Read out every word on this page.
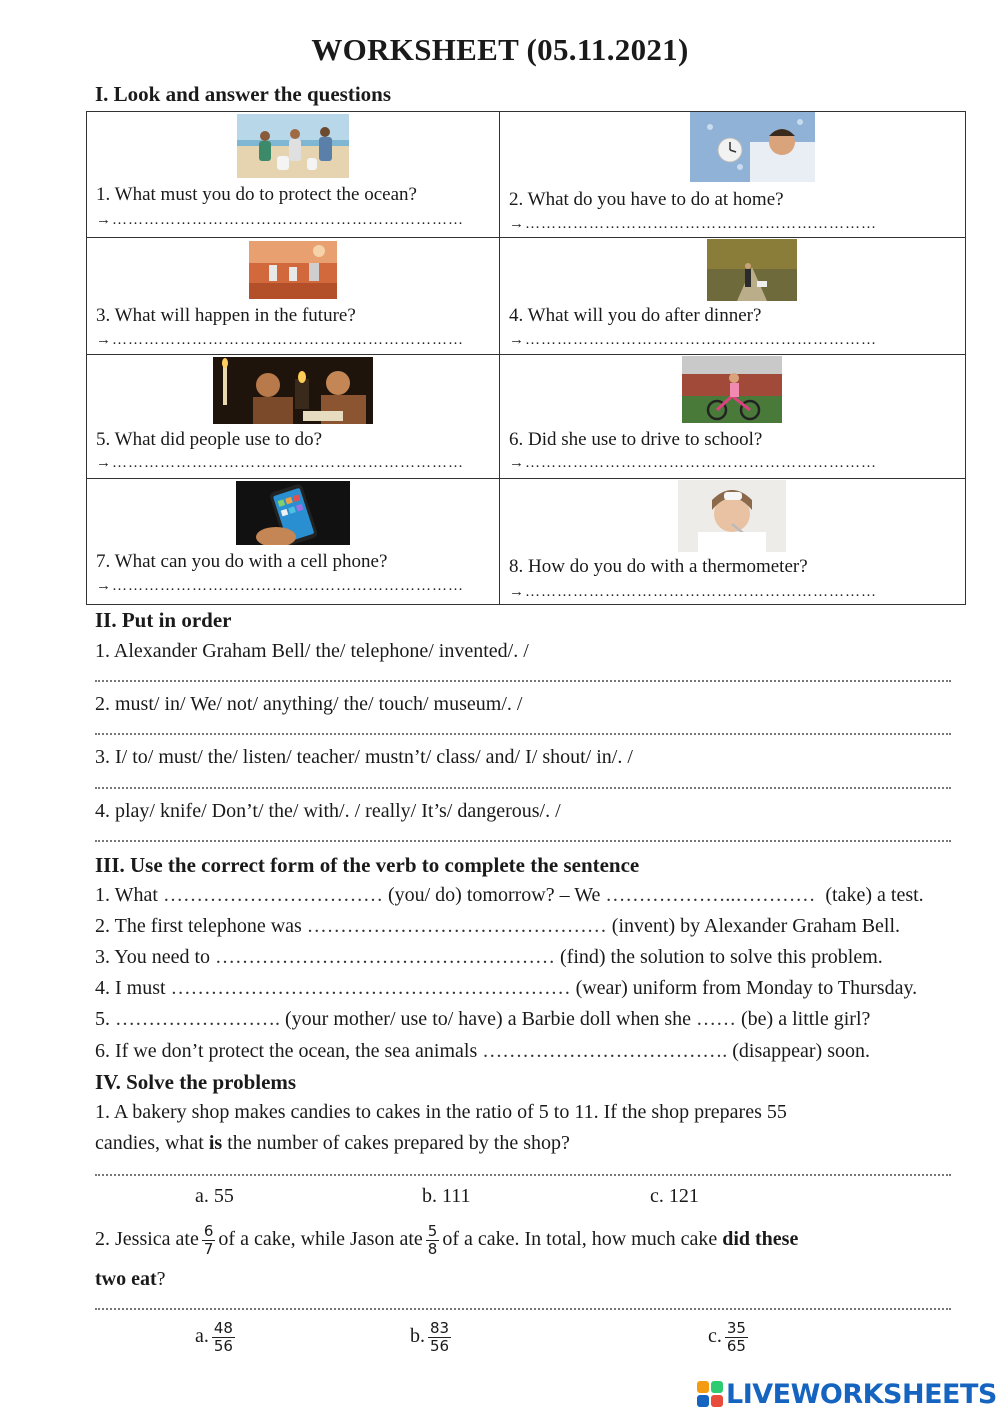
WORKSHEET (05.11.2021)
I. Look and answer the questions
1. What must you do to protect the ocean?
→…………………………………………………………
2. What do you have to do at home?
→…………………………………………………………
3. What will happen in the future?
→…………………………………………………………
4. What will you do after dinner?
→…………………………………………………………
5. What did people use to do?
→…………………………………………………………
6. Did she use to drive to school?
→…………………………………………………………
7. What can you do with a cell phone?
→…………………………………………………………
8. How do you do with a thermometer?
→…………………………………………………………
II. Put in order
1. Alexander Graham Bell/ the/ telephone/ invented/. /
2. must/ in/ We/ not/ anything/ the/ touch/ museum/. /
3. I/ to/ must/ the/ listen/ teacher/ mustn’t/ class/ and/ I/ shout/ in/. /
4. play/ knife/ Don’t/ the/ with/. / really/ It’s/ dangerous/. /
III. Use the correct form of the verb to complete the sentence
1. What …………………………… (you/ do) tomorrow? – We ………………..………… (take) a test.
2. The first telephone was ……………………………………… (invent) by Alexander Graham Bell.
3. You need to …………………………………………… (find) the solution to solve this problem.
4. I must …………………………………………………… (wear) uniform from Monday to Thursday.
5. ……………………. (your mother/ use to/ have) a Barbie doll when she …… (be) a little girl?
6. If we don’t protect the ocean, the sea animals ………………………………. (disappear) soon.
IV. Solve the problems
1. A bakery shop makes candies to cakes in the ratio of 5 to 11. If the shop prepares 55
candies, what is the number of cakes prepared by the shop?
a. 55	b. 111	c. 121
2. Jessica ate $\frac{6}{7}$ of a cake, while Jason ate $\frac{5}{8}$ of a cake. In total, how much cake did these
two eat?
a. $\frac{48}{56}$	b. $\frac{83}{56}$	c. $\frac{35}{65}$
LIVEWORKSHEETS
